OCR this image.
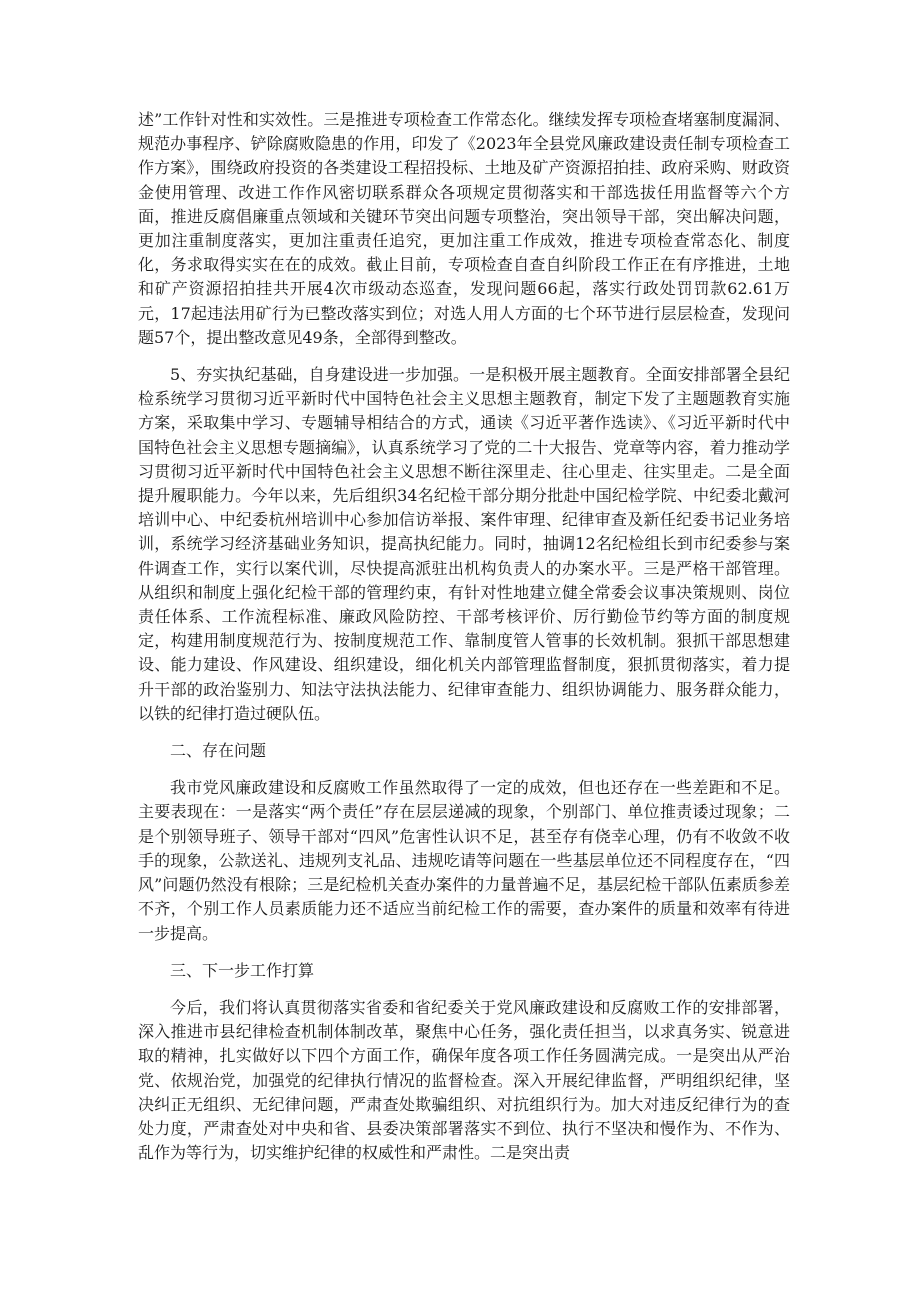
述”工作针对性和实效性。三是推进专项检查工作常态化。继续发挥专项检查堵塞制度漏洞、规范办事程序、铲除腐败隐患的作用，印发了《2023年全县党风廉政建设责任制专项检查工作方案》，围绕政府投资的各类建设工程招投标、土地及矿产资源招拍挂、政府采购、财政资金使用管理、改进工作作风密切联系群众各项规定贯彻落实和干部选拔任用监督等六个方面，推进反腐倡廉重点领域和关键环节突出问题专项整治，突出领导干部，突出解决问题，更加注重制度落实，更加注重责任追究，更加注重工作成效，推进专项检查常态化、制度化，务求取得实实在在的成效。截止目前，专项检查自查自纠阶段工作正在有序推进，土地和矿产资源招拍挂共开展4次市级动态巡查，发现问题66起，落实行政处罚罚款62.61万元，17起违法用矿行为已整改落实到位；对选人用人方面的七个环节进行层层检查，发现问题57个，提出整改意见49条，全部得到整改。

5、夯实执纪基础，自身建设进一步加强。一是积极开展主题教育。全面安排部署全县纪检系统学习贯彻习近平新时代中国特色社会主义思想主题教育，制定下发了主题题教育实施方案，采取集中学习、专题辅导相结合的方式，通读《习近平著作选读》、《习近平新时代中国特色社会主义思想专题摘编》，认真系统学习了党的二十大报告、党章等内容，着力推动学习贯彻习近平新时代中国特色社会主义思想不断往深里走、往心里走、往实里走。二是全面提升履职能力。今年以来，先后组织34名纪检干部分期分批赴中国纪检学院、中纪委北戴河培训中心、中纪委杭州培训中心参加信访举报、案件审理、纪律审查及新任纪委书记业务培训，系统学习经济基础业务知识，提高执纪能力。同时，抽调12名纪检组长到市纪委参与案件调查工作，实行以案代训，尽快提高派驻出机构负责人的办案水平。三是严格干部管理。从组织和制度上强化纪检干部的管理约束，有针对性地建立健全常委会议事决策规则、岗位责任体系、工作流程标准、廉政风险防控、干部考核评价、厉行勤俭节约等方面的制度规定，构建用制度规范行为、按制度规范工作、靠制度管人管事的长效机制。狠抓干部思想建设、能力建设、作风建设、组织建设，细化机关内部管理监督制度，狠抓贯彻落实，着力提升干部的政治鉴别力、知法守法执法能力、纪律审查能力、组织协调能力、服务群众能力，以铁的纪律打造过硬队伍。

二、存在问题

我市党风廉政建设和反腐败工作虽然取得了一定的成效，但也还存在一些差距和不足。主要表现在：一是落实“两个责任”存在层层递减的现象，个别部门、单位推责诿过现象；二是个别领导班子、领导干部对“四风”危害性认识不足，甚至存有侥幸心理，仍有不收敛不收手的现象，公款送礼、违规列支礼品、违规吃请等问题在一些基层单位还不同程度存在，“四风”问题仍然没有根除；三是纪检机关查办案件的力量普遍不足，基层纪检干部队伍素质参差不齐，个别工作人员素质能力还不适应当前纪检工作的需要，查办案件的质量和效率有待进一步提高。

三、下一步工作打算

今后，我们将认真贯彻落实省委和省纪委关于党风廉政建设和反腐败工作的安排部署，深入推进市县纪律检查机制体制改革，聚焦中心任务，强化责任担当，以求真务实、锐意进取的精神，扎实做好以下四个方面工作，确保年度各项工作任务圆满完成。一是突出从严治党、依规治党，加强党的纪律执行情况的监督检查。深入开展纪律监督，严明组织纪律，坚决纠正无组织、无纪律问题，严肃查处欺骗组织、对抗组织行为。加大对违反纪律行为的查处力度，严肃查处对中央和省、县委决策部署落实不到位、执行不坚决和慢作为、不作为、乱作为等行为，切实维护纪律的权威性和严肃性。二是突出责
